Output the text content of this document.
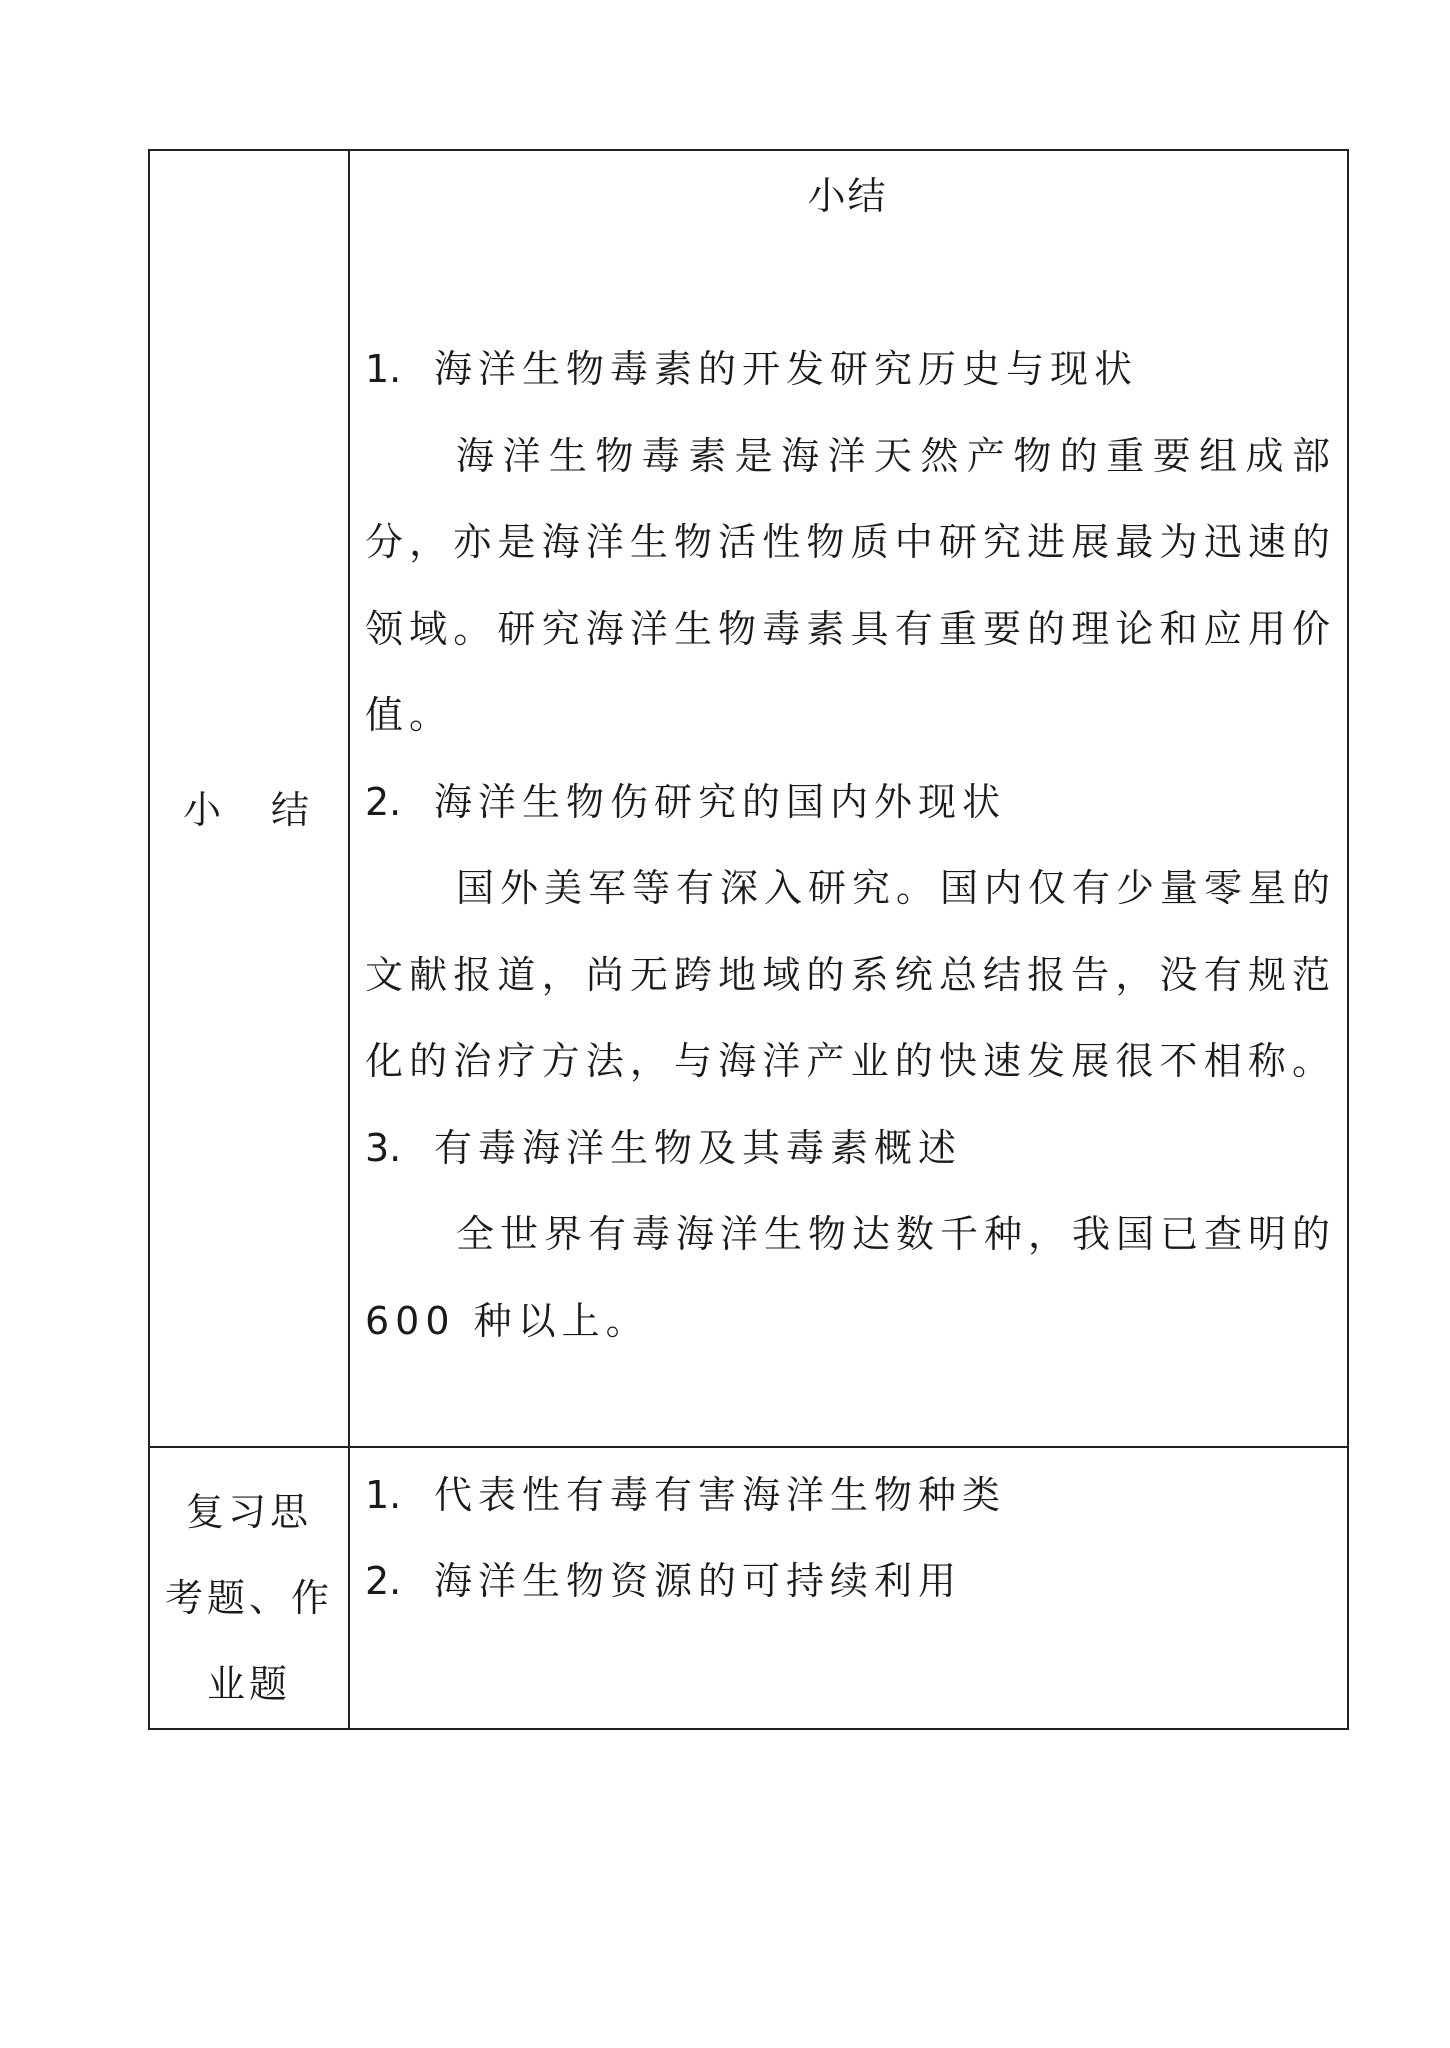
小　结
小结
1. 海洋生物毒素的开发研究历史与现状
海洋生物毒素是海洋天然产物的重要组成部
分，亦是海洋生物活性物质中研究进展最为迅速的
领域。研究海洋生物毒素具有重要的理论和应用价
值。
2. 海洋生物伤研究的国内外现状
国外美军等有深入研究。国内仅有少量零星的
文献报道，尚无跨地域的系统总结报告，没有规范
化的治疗方法，与海洋产业的快速发展很不相称。
3. 有毒海洋生物及其毒素概述
全世界有毒海洋生物达数千种，我国已查明的
600 种以上。
复习思
考题、作
业题
1. 代表性有毒有害海洋生物种类
2. 海洋生物资源的可持续利用
